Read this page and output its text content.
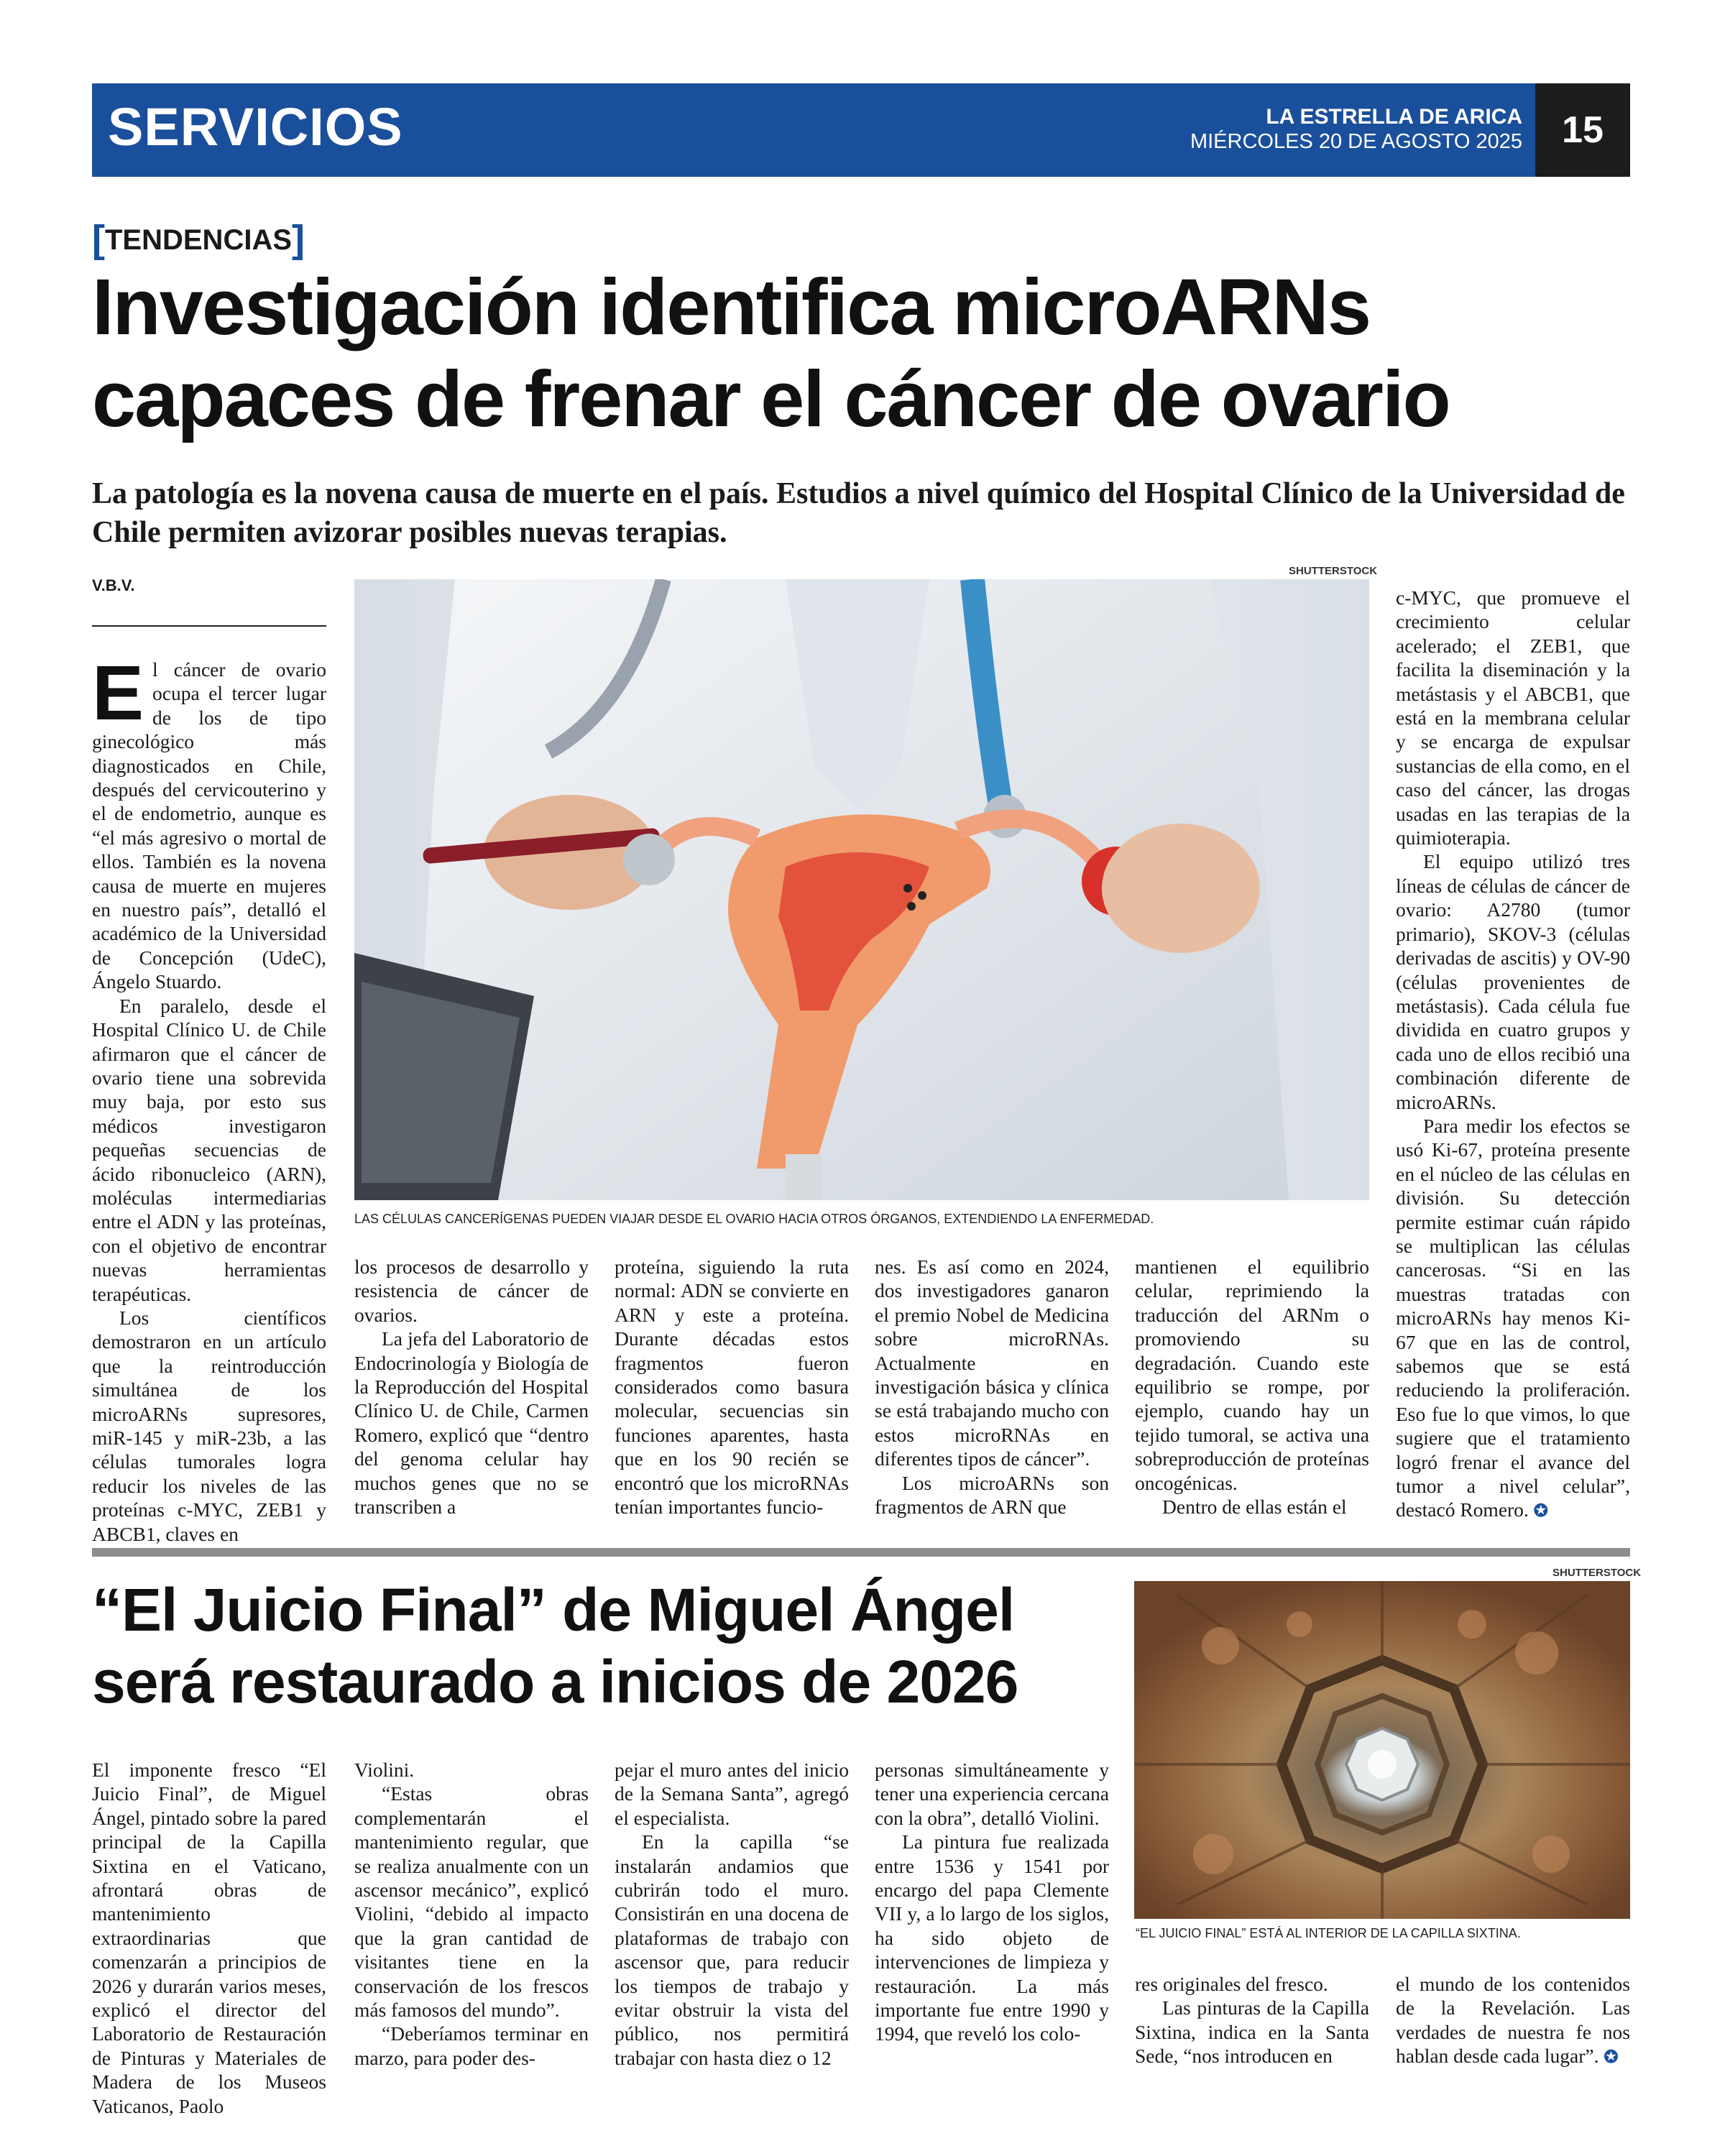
SERVICIOS	LA ESTRELLA DE ARICA
MIÉRCOLES 20 DE AGOSTO 2025	15
[TENDENCIAS]
Investigación identifica microARNs
capaces de frenar el cáncer de ovario
La patología es la novena causa de muerte en el país. Estudios a nivel químico del Hospital Clínico de la Universidad de Chile permiten avizorar posibles nuevas terapias.
V.B.V.
SHUTTERSTOCK
LAS CÉLULAS CANCERÍGENAS PUEDEN VIAJAR DESDE EL OVARIO HACIA OTROS ÓRGANOS, EXTENDIENDO LA ENFERMEDAD.

El cáncer de ovario ocupa el tercer lugar de los de tipo ginecológico más diagnosticados en Chile, después del cervicouterino y el de endometrio, aunque es “el más agresivo o mortal de ellos. También es la novena causa de muerte en mujeres en nuestro país”, detalló el académico de la Universidad de Concepción (UdeC), Ángelo Stuardo.

En paralelo, desde el Hospital Clínico U. de Chile afirmaron que el cáncer de ovario tiene una sobrevida muy baja, por esto sus médicos investigaron pequeñas secuencias de ácido ribonucleico (ARN), moléculas intermediarias entre el ADN y las proteínas, con el objetivo de encontrar nuevas herramientas terapéuticas.

Los científicos demostraron en un artículo que la reintroducción simultánea de los microARNs supresores, miR-145 y miR-23b, a las células tumorales logra reducir los niveles de las proteínas c-MYC, ZEB1 y ABCB1, claves en

los procesos de desarrollo y resistencia de cáncer de ovarios.

La jefa del Laboratorio de Endocrinología y Biología de la Reproducción del Hospital Clínico U. de Chile, Carmen Romero, explicó que “dentro del genoma celular hay muchos genes que no se transcriben a

proteína, siguiendo la ruta normal: ADN se convierte en ARN y este a proteína. Durante décadas estos fragmentos fueron considerados como basura molecular, secuencias sin funciones aparentes, hasta que en los 90 recién se encontró que los microRNAs tenían importantes funcio-

nes. Es así como en 2024, dos investigadores ganaron el premio Nobel de Medicina sobre microRNAs. Actualmente en investigación básica y clínica se está trabajando mucho con estos microRNAs en diferentes tipos de cáncer”.

Los microARNs son fragmentos de ARN que

mantienen el equilibrio celular, reprimiendo la traducción del ARNm o promoviendo su degradación. Cuando este equilibrio se rompe, por ejemplo, cuando hay un tejido tumoral, se activa una sobreproducción de proteínas oncogénicas.

Dentro de ellas están el

c-MYC, que promueve el crecimiento celular acelerado; el ZEB1, que facilita la diseminación y la metástasis y el ABCB1, que está en la membrana celular y se encarga de expulsar sustancias de ella como, en el caso del cáncer, las drogas usadas en las terapias de la quimioterapia.

El equipo utilizó tres líneas de células de cáncer de ovario: A2780 (tumor primario), SKOV-3 (células derivadas de ascitis) y OV-90 (células provenientes de metástasis). Cada célula fue dividida en cuatro grupos y cada uno de ellos recibió una combinación diferente de microARNs.

Para medir los efectos se usó Ki-67, proteína presente en el núcleo de las células en división. Su detección permite estimar cuán rápido se multiplican las células cancerosas. “Si en las muestras tratadas con microARNs hay menos Ki-67 que en las de control, sabemos que se está reduciendo la proliferación. Eso fue lo que vimos, lo que sugiere que el tratamiento logró frenar el avance del tumor a nivel celular”, destacó Romero. ✪

“El Juicio Final” de Miguel Ángel
será restaurado a inicios de 2026
SHUTTERSTOCK
“EL JUICIO FINAL” ESTÁ AL INTERIOR DE LA CAPILLA SIXTINA.

El imponente fresco “El Juicio Final”, de Miguel Ángel, pintado sobre la pared principal de la Capilla Sixtina en el Vaticano, afrontará obras de mantenimiento extraordinarias que comenzarán a principios de 2026 y durarán varios meses, explicó el director del Laboratorio de Restauración de Pinturas y Materiales de Madera de los Museos Vaticanos, Paolo

Violini.

“Estas obras complementarán el mantenimiento regular, que se realiza anualmente con un ascensor mecánico”, explicó Violini, “debido al impacto que la gran cantidad de visitantes tiene en la conservación de los frescos más famosos del mundo”.

“Deberíamos terminar en marzo, para poder des-

pejar el muro antes del inicio de la Semana Santa”, agregó el especialista.

En la capilla “se instalarán andamios que cubrirán todo el muro. Consistirán en una docena de plataformas de trabajo con ascensor que, para reducir los tiempos de trabajo y evitar obstruir la vista del público, nos permitirá trabajar con hasta diez o 12

personas simultáneamente y tener una experiencia cercana con la obra”, detalló Violini.

La pintura fue realizada entre 1536 y 1541 por encargo del papa Clemente VII y, a lo largo de los siglos, ha sido objeto de intervenciones de limpieza y restauración. La más importante fue entre 1990 y 1994, que reveló los colo-

res originales del fresco.

Las pinturas de la Capilla Sixtina, indica en la Santa Sede, “nos introducen en

el mundo de los contenidos de la Revelación. Las verdades de nuestra fe nos hablan desde cada lugar”. ✪
